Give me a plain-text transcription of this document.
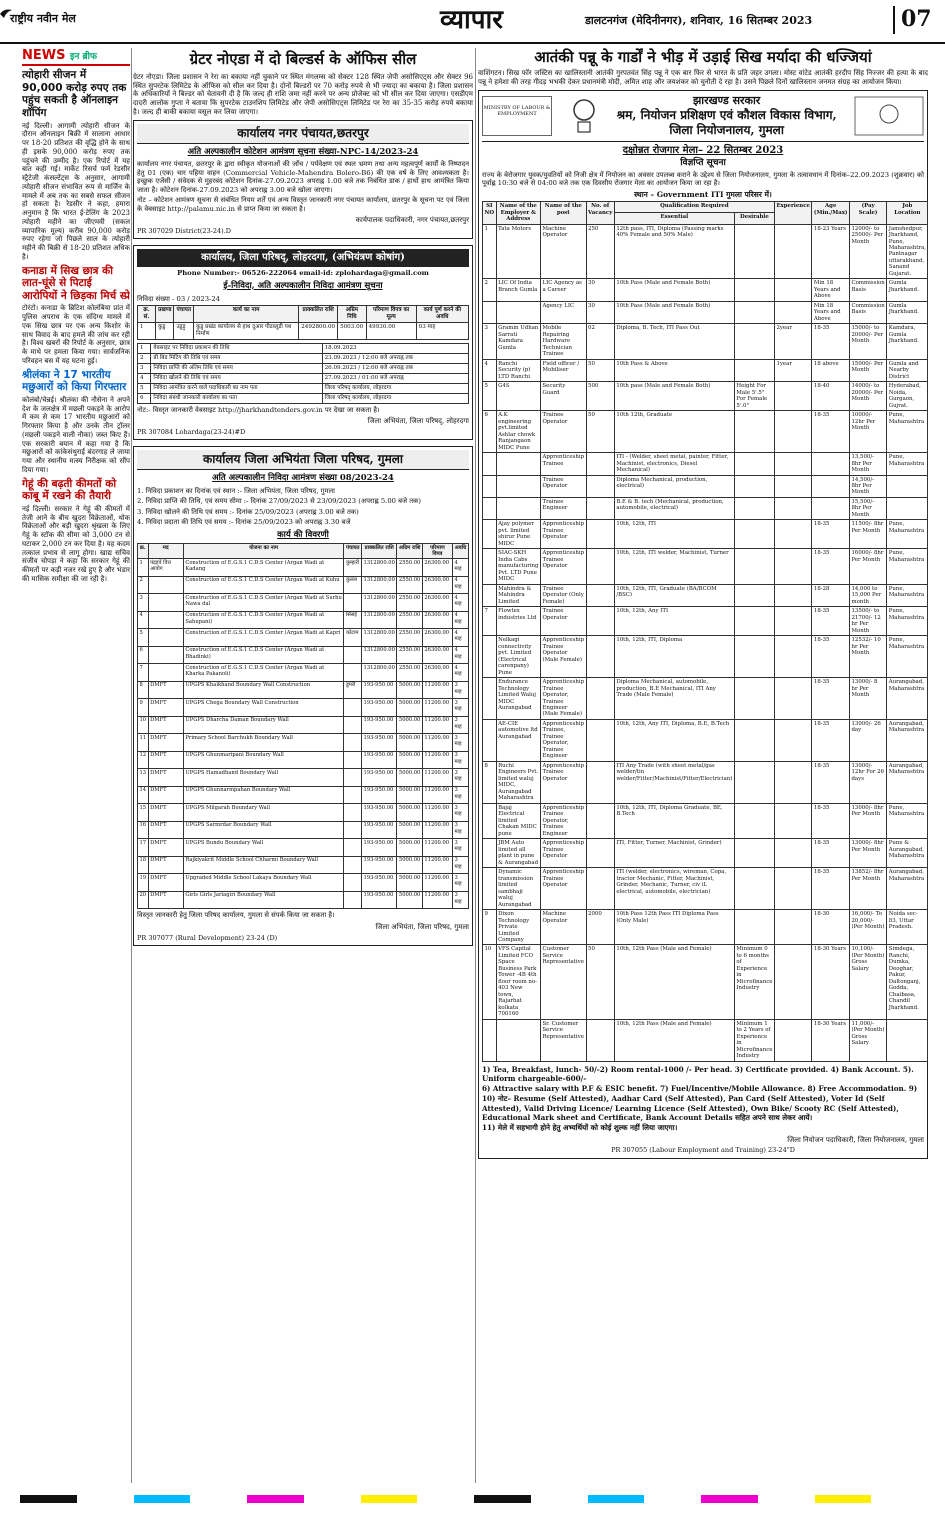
राष्ट्रीय नवीन मेल	व्यापार	डालटनगंज (मेदिनीनगर), शनिवार, 16 सितम्बर 2023	07
NEWS इन ब्रीफ
त्योहारी सीजन में 90,000 करोड़ रुपए तक पहुंच सकती है ऑनलाइन शॉपिंग
नई दिल्ली। आगामी त्योहारी सीजन के दौरान ऑनलाइन बिक्री में सालाना आधार पर 18-20 प्रतिशत की वृद्धि होने के साथ ही इसके 90,000 करोड़ रुपए तक पहुंचने की उम्मीद है। एक रिपोर्ट में यह बात कही गई। मार्केट रिसर्च फर्म रेडसीर स्ट्रैटेजी कंसल्टेंट्स के अनुसार, आगामी त्योहारी सीजन संभावित रूप से मार्जिन के मामले में अब तक का सबसे सफल सीजन हो सकता है। रेडसीर ने कहा, हमारा अनुमान है कि भारत ई-टेलिंग के 2023 त्योहारी महीने का जीएमवी (सकल व्यापारिक मूल्य) करीब 90,000 करोड़ रुपए रहेगा जो पिछले साल के त्योहारी महीने की बिक्री से 18-20 प्रतिशत अधिक है।
कनाडा में सिख छात्र की लात-घूंसे से पिटाई आरोपियों ने छिड़का मिर्च स्प्रे
टोरंटो। कनाडा के ब्रिटिश कोलंबिया प्रांत में पुलिस अपराध के एक संदिग्ध मामले में एक सिख छात्र पर एक अन्य किशोर के साथ विवाद के बाद हमले की जांच कर रही है। विश्व खबरों की रिपोर्ट के अनुसार, छात्र के माथे पर हमला किया गया। सार्वजनिक परिवहन बस में यह घटना हुई।
श्रीलंका ने 17 भारतीय मछुआरों को किया गिरफ्तार
कोलंबो/चेन्नई। श्रीलंका की नौसेना ने अपने देश के जलक्षेत्र में मछली पकड़ने के आरोप में कम से कम 17 भारतीय मछुआरों को गिरफ्तार किया है और उनके तीन ट्रॉलर (मछली पकड़ने वाली नौका) जब्त किए हैं। एक सरकारी बयान में कहा गया है कि मछुआरों को कांकेसंथुराई बंदरगाह ले जाया गया और स्थानीय मत्स्य निरीक्षक को सौंप दिया गया।
गेहूं की बढ़ती कीमतों को काबू में रखने की तैयारी
नई दिल्ली। सरकार ने गेहूं की कीमतों में तेजी आने के बीच खुदरा विक्रेताओं, थोक विक्रेताओं और बड़ी खुदरा श्रृंखला के लिए गेहूं के स्टॉक की सीमा को 3,000 टन से घटाकर 2,000 टन कर दिया है। यह कदम तत्काल प्रभाव से लागू होगा। खाद्य सचिव संजीव चोपड़ा ने कहा कि सरकार गेहूं की कीमतों पर कड़ी नजर रखे हुए है और भंडार की मासिक समीक्षा की जा रही है।
ग्रेटर नोएडा में दो बिल्डर्स के ऑफिस सील
ग्रेटर नोएडा। जिला प्रशासन ने रेरा का बकाया नहीं चुकाने पर स्थित मंगलम्स को सेक्टर 128 स्थित जेपी असोसिएट्स और सेक्टर 96 स्थित सुपरटेक लिमिटेड के ऑफिस को सील कर दिया है। दोनों बिल्डरों पर 70 करोड़ रुपये से भी ज्यादा का बकाया है। जिला प्रशासन के अधिकारियों ने बिल्डर को चेतावनी दी है कि जल्द ही राशि जमा नहीं करने पर अन्य प्रोजेक्ट को भी सील कर दिया जाएगा। एसडीएम दादरी आलोक गुप्ता ने बताया कि सुपरटेक टाउनशिप लिमिटेड और जेपी असोसिएट्स लिमिटेड पर रेरा का 35-35 करोड़ रुपये बकाया है। जल्द ही बाकी बकाया वसूल कर लिया जाएगा।
कार्यालय नगर पंचायत,छतरपुर
अति अल्पकालीन कोटेशन आमंत्रण सूचना संख्या-NPC-14/2023-24
कार्यालय नगर पंचायत, छतरपुर के द्वारा स्वीकृत योजनाओं की जाँच / पर्यवेक्षण एवं स्थल भ्रमण तथा अन्य महत्वपूर्ण कार्यों के निष्पादन हेतु 01 (एक) चार पहिया वाहन (Commercial Vehicle-Mahendra Bolero-B6) की एक वर्ष के लिए आवश्यकता है। इच्छुक एजेंसी / संवेदक से मुहरबंद कोटेशन दिनांक-27.09.2023 अपराह्न 1.00 बजे तक निबंधित डाक / हाथों हाथ आमंत्रित किया जाता है। कोटेशन दिनांक-27.09.2023 को अपराह्न 3.00 बजे खोला जाएगा।
नोट – कोटेशन आमंत्रण सूचना से संबंधित नियम शर्तें एवं अन्य विस्तृत जानकारी नगर पंचायत कार्यालय, छतरपुर के सूचना पट एवं जिला के वेबसाइट http://palamu.nic.in से प्राप्त किया जा सकता है।
कार्यपालक पदाधिकारी, नगर पंचायत,छतरपुर
PR 307029 District(23-24).D
कार्यालय, जिला परिषद्, लोहरदगा, (अभियंत्रण कोषांग)
Phone Number:- 06526-222064 email-id: zplohardaga@gmail.com
ई-निविदा, अति अल्पकालीन निविदा आमंत्रण सूचना
निविदा संख्या - 03 / 2023-24
क्र. सं.	प्रखण्ड	पंचायत	कार्य का नाम	प्राक्कलित राशि	अग्रिम निधि	परिमाण विपत्र का मूल्य	कार्य पूर्ण करने की अवधि
1	कुडु	उडुड़ु	कुडु प्रखंड कार्यालय से हाथ दुआर पीडब्लूडी पथ निर्माण	2492800.00	5003.00	49930.00	03 माह
1	वेबसाइट पर निविदा प्रकाशन की तिथि	18.09.2023
2	प्री बिड मिटिंग की तिथि एवं समय	23.09.2023 / 12:00 बजे अपराह्न तक
3	निविदा प्राप्ति की अंतिम तिथि एवं समय	26.09.2023 / 12:00 बजे अपराह्न तक
4	निविदा खोलने की तिथि एवं समय	27.09.2023 / 01:00 बजे अपराह्न
5	निविदा आमंत्रित करने वाले पदाधिकारी का नाम पता	जिला परिषद् कार्यालय, लोहरदगा
6	निविदा संबंधी जानकारी कार्यालय का पता	जिला परिषद् कार्यालय, लोहरदगा
नोट:- विस्तृत जानकारी वेबसाइट http://jharkhandtenders.gov.in पर देखा जा सकता है।
जिला अभियंता, जिला परिषद्, लोहरदगा
PR 307084 Lohardaga(23-24)#D
कार्यालय जिला अभियंता जिला परिषद, गुमला
अति अल्पकालीन निविदा आमंत्रण संख्या 08/2023-24
1. निविदा प्रकाशन का दिनांक एवं स्थान :- जिला अभियंता, जिला परिषद, गुमला
2. निविदा प्राप्ति की तिथि, एवं समय सीमा :- दिनांक 27/09/2023 से 23/09/2023 (अपराह्न 5.00 बजे तक)
3. निविदा खोलने की तिथि एवं समय :- दिनांक 25/09/2023 (अपराह्न 3.00 बजे तक)
4. निविदा प्रदाता की तिथि एवं समय :- दिनांक 25/09/2023 को अपराह्न 3.30 बजे
कार्य की विवरणी
क्र.	मद	योजना का नाम	पंचायत	प्राक्कलित राशि	अग्रिम राशि	परिमाण विपत्र	अवधि
1	पंद्रहवें वित्त आयोग	Construction of E.G.S.1 C.D.S Center (Argan Wadi at Kadang	कुम्हारी	1312800.00	2550.00	26300.00	4 माह
2		Construction of E.G.S.1 C.D.S Center (Argan Wadi at Kuhu	कुल्ला	1312800.00	2550.00	26300.00	4 माह
3		Construction of E.G.S.1 C.D.S Center (Argan Wadi at Surhu Nawa dal		1312800.00	2550.00	26300.00	4 माह
4		Construction of E.G.S.1 C.D.S Center (Argan Wadi at Sahupani)	सिसई	1312800.00	2550.00	26300.00	4 माह
5		Construction of E.G.S.1 C.D.S Center (Argan Wadi at Kapri	कोटाम	1312800.00	2550.00	26300.00	4 माह
6		Construction of E.G.S.1 C.D.S Center (Argan Wadi at Bhadinki)		1312800.00	2550.00	26300.00	4 माह
7		Construction of E.G.S.1 C.D.S Center (Argan Wadi at Kharka Pakanoli)		1312800.00	2550.00	26300.00	4 माह
8	DMFT	UPGPS Khaikhand Boundary Wall Construction	डुमरी	193-950.00	5000.00	11200.00	3 माह
9	DMFT	UPGPS Chega Boundary Wall Construction		193-950.00	5000.00	11200.00	3 माह
10	DMFT	UPGPS Dharcha Daman Boundary Wall		193-950.00	5000.00	11200.00	3 माह
11	DMFT	Primary School Barchukh Boundary Wall		193-950.00	5000.00	11200.00	3 माह
12	DMFT	UPGPS Ghunmaripani Boundary Wall		193-950.00	5000.00	11200.00	3 माह
13	DMFT	UPGPS Hamadhand Boundary Wall		193-950.00	5000.00	11200.00	3 माह
14	DMFT	UPGPS Ghunnarmpahan Boundary Wall		193-950.00	5000.00	11200.00	3 माह
15	DMFT	UPGPS Milgarah Boundary Wall		193-950.00	5000.00	11200.00	3 माह
16	DMFT	UPGPS Sarmrdar Boundary Wall		193-950.00	5000.00	11200.00	3 माह
17	DMFT	UPGPS Bundu Boundary Wall		193-950.00	5000.00	11200.00	3 माह
18	DMFT	Rajkiyakrit Middle School Chharmi Boundary Wall		193-950.00	5000.00	11200.00	3 माह
19	DMFT	Upgraded Middle School Lakaya Boundary Wall		193-950.00	5000.00	11200.00	3 माह
20	DMFT	Girls Girls Jariagiri Boundary Wall		193-950.00	5000.00	11200.00	3 माह
विस्तृत जानकारी हेतु जिला परिषद कार्यालय, गुमला से संपर्क किया जा सकता है।
जिला अभियंता, जिला परिषद, गुमला
PR 307077 (Rural Development) 23-24 (D)
आतंकी पन्नू के गार्डों ने भीड़ में उड़ाई सिख मर्यादा की धज्जियां
वाशिंगटन। सिख फॉर जस्टिस का खालिस्तानी आतंकी गुरपतवंत सिंह पन्नू ने एक बार फिर से भारत के प्रति जहर उगला। मोस्ट वांटेड आतंकी हरदीप सिंह निज्जर की हत्या के बाद पन्नू ने हमेशा की तरह गीदड़ भभकी देकर प्रधानमंत्री मोदी, अमित शाह और जयशंकर को चुनौती दे रहा है। उसने पिछले दिनों खालिस्तान जनमत संग्रह का आयोजन किया।
MINISTRY OF LABOUR & EMPLOYMENT
झारखण्ड सरकार
श्रम, नियोजन प्रशिक्षण एवं कौशल विकास विभाग,
जिला नियोजनालय, गुमला
दक्षोन्नत रोजगार मेला– 22 सितम्बर 2023
विज्ञप्ति सूचना
राज्य के बेरोजगार युवक/युवतियों को निजी क्षेत्र में नियोजन का अवसर उपलब्ध कराने के उद्देश्य से जिला नियोजनालय, गुमला के तत्वावधान में दिनांक–22.09.2023 (शुक्रवार) को पूर्वाह्न 10:30 बजे से 04:00 बजे तक एक दिवसीय रोजगार मेला का आयोजन किया जा रहा है।
स्थान – Government ITI गुमला परिसर में।
SI NO	Name of the Employer & Address	Name of the post	No. of Vacancy	Qualification Required		Experience	Age (Min./Max)	(Pay Scale)	Job Location
				Essential	Desirable				
1	Tata Motors	Machine Operator	250	12th pass, ITI, Diploma (Passing marks 40% Female and 50% Male)			18-23 Years	12000/- to 25000/- Per Month	Jamshedpur, Jharkhand, Pune, Maharashtra, Pantnagar uttarakhand, Sanand Gujarat.
2	LIC Of India Branch Gumla	LIC Agency as a Career	30	10th Pass (Male and Female Both)			Min 18 Years and Above	Commission Basis	Gumla Jharkhand.
		Agency LIC	30	10th Pass (Male and Female Both)			Min 18 Years and Above	Commission Basis	Gumla Jharkhand.
3	Gramin Udhan Sarrati Kamdara Gumla	Mobile Repairing Hardware Technician Trainee	02	Diploma, B. Tech, ITI Pass Out		2year	18-35	15000/- to 20000/- Per Month	Kamdara, Gumla Jharkhand.
4	Ranchi Security (p) LTD Ranchi	Field officer / Mobiliser	50	10th Pass & Above		1year	18 above	15000/- Per Month	Gumla and Nearby District
5	G4S	Security Guard	500	10th pass (Male and Female Both)	Height For Male 5'.5" For Female 5'.0"		18-40	14000/- to 20000/- Per Month	Hyderabad, Noida, Gurgaon, Gujrat.
6	A.K engineering pvt.limited Ashlar chowk Ranjangaon MIDC Pune	Trainee Operator	50	10th 12th, Graduate			18-35	10000/- 12hr Per Month	Pune, Maharashtra
		Apprenticeship Trainee		ITI - (Welder, sheet metal, painter, Fitter, Machinist, electronics, Diesel Mechanical)				13,500/- 8hr Per Month	Pune, Maharashtra
		Trainee Operator		Diploma Mechanical, production, electrical)				14,500/- 8hr Per Month	
		Trainee Engineer		B.E & B. tech (Mechanical, production, automobile, electrical)				15,500/- 8hr Per Month	
	Ajay polymer pvt. limited shirur Pune MIDC	Apprenticeship Trainee Operator		10th, 12th, ITI			18-35	11500/- 8hr Per Month	Pune, Maharashtra
	SIAC-SKH India Cabs manufacturing Pvt. LTD Pune MIDC	Apprenticeship Trainee Operator		10th, 12th, ITI welder, Machinist, Turner			18-35	16000/- 8hr Per Month	Pune, Maharashtra
	Mahindra & Mahindra Limited	Trainee Operator (Only Female)		10th, 12th, ITI, Graduate (BA/BCOM /BSC)			18-28	14,000 to 15,000 Per month	Pune, Maharashtra
7	Flowtex industries Ltd	Trainee Operator		10th, 12th, Any ITI			18-35	13500/- to 21700/- 12 hr Per Month	Pune, Maharashtra
	Nelkagi connectivity pvt. Limited (Electrical carenpany) Pune	Apprenticeship Trainee Operator (Male Female)		10th, 12th, ITI, Diploma			18-35	12532/- 10 hr Per Month	Pune, Maharashtra
	Endurance Technology Limited Waluj MIDC Aurangabad	Apprenticeship Trainee Operator, Trainee Engineer (Male Female)		Diploma Mechanical, automobile, production, B.E Mechanical, ITI Any Trade (Male Female)			18-35	13000/- 8 hr Per Month	Aurangabad, Maharashtra
	AE-CIE automotive ltd Aurangabad	Apprenticeship Trainee, Trainee Operator, Trainee Engineer		10th, 12th, Any ITI, Diploma, B.E, B.Tech			18-35	13000/- 26 day	Aurangabad, Maharashtra
8	Ruchi Engineers Pvt. limited waluj MIDC, Aurangabad Maharashtra	Apprenticeship Trainee Operator		ITI Any Trade (with sheet metal/gas welder/tin welder/Fitter/Machinist/Fitter/Electrician)			18-35	13000/- 12hr For 26 days	Aurangabad, Maharashtra
	Bajaj Electrical limited Chakan MIDC pune	Apprenticeship Trainee Operator, Trainee Engineer		10th, 12th, ITI, Diploma Graduate, BE, B.Tech			18-35	13000/- 8hr Per Month	Pune, Maharashtra
	JBM Auto limited all plant in pune & Aurangabad	Apprenticeship Trainee Operator		ITI, Fitter, Turner, Machinist, Grinder)			18-35	13000/- 8hr Per Month	Pune & Aurangabad, Maharashtra
	Dynamic transmission limited sambhaji waluj Aurangabad	Apprenticeship Trainee Operator		ITI (welder, electronics, wireman, Copa, tractor Mechanic, Fitter, Machinist, Grinder, Mechanic, Turner, civ iL electrical, automobile, electrician)			18-35	13852/- 8hr Per Month	Aurangabad, Maharashtra
9	Dixon Technology Private Limited Company	Machine Operator	2000	10th Pass 12th Pass ITI Diploma Pass (Only Male)			18-30	16,000/- To 20,000/- (Per Month)	Noida sec-83, Uttar Pradesh.
10	VFS Capital Limited FCO Space Business Park Tower -4B 4th floor room no- 403 New town, Rajarhat kolkata 700160	Customer Service Representative	50	10th, 12th Pass (Male and Female)	Minimum 0 to 6 months of Experience in Microfinance Industry		18-30 Years	10,100/- (Per Month) Gross Salary	Simdega, Ranchi, Dumka, Deoghar, Pakur, Daltonganj, Godda, Chaibasa, Chandil Jharkhand.
		Sr. Customer Service Representative		10th, 12th Pass (Male and Female)	Minimum 1 to 2 Years of Experience in Microfinance Industry		18-30 Years	11,000/- (Per Month) Gross Salary	
1) Tea, Breakfast, lunch- 50/-2) Room rental-1000 /- Per head. 3) Certificate provided. 4) Bank Account. 5). Uniform chargeable-600/-
6) Attractive salary with P.F & ESIC benefit. 7) Fuel/Incentive/Mobile Allowance. 8) Free Accommodation. 9)
10) नोट– Resume (Self Attested), Aadhar Card (Self Attested), Pan Card (Self Attested), Voter Id (Self Attested), Valid Driving Licence/ Learning Licence (Self Attested), Own Bike/ Scooty RC (Self Attested), Educational Mark sheet and Certificate, Bank Account Details सहित अपने साथ लेकर आयें।
11) मेले में सहभागी होने हेतु अभ्यर्थियों को कोई शुल्क नहीं लिया जाएगा।
जिला नियोजन पदाधिकारी, जिला नियोजनालय, गुमला
PR 307055 (Labour Employment and Training) 23-24"D
